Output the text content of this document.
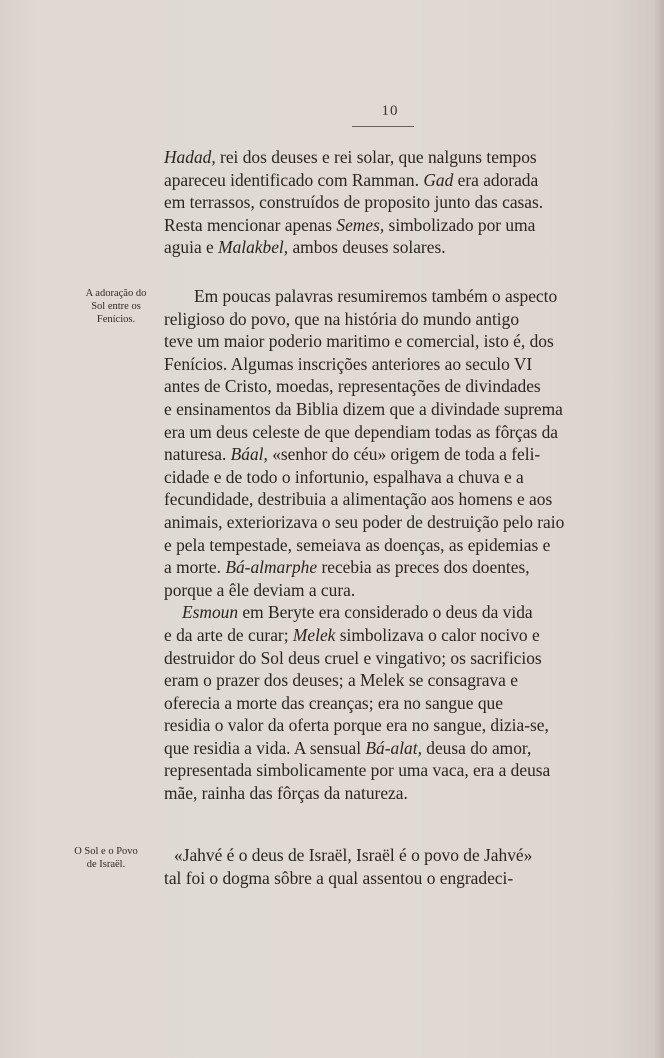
10
Hadad, rei dos deuses e rei solar, que nalguns tempos
apareceu identificado com Ramman. Gad era adorada
em terrassos, construídos de proposito junto das casas.
Resta mencionar apenas Semes, simbolizado por uma
aguia e Malakbel, ambos deuses solares.
A adoração do
Sol entre os
Fenícios.
Em poucas palavras resumiremos também o aspecto
religioso do povo, que na história do mundo antigo
teve um maior poderio maritimo e comercial, isto é, dos
Fenícios. Algumas inscrições anteriores ao seculo VI
antes de Cristo, moedas, representações de divindades
e ensinamentos da Biblia dizem que a divindade suprema
era um deus celeste de que dependiam todas as fôrças da
naturesa. Báal, «senhor do céu» origem de toda a feli-
cidade e de todo o infortunio, espalhava a chuva e a
fecundidade, destribuia a alimentação aos homens e aos
animais, exteriorizava o seu poder de destruição pelo raio
e pela tempestade, semeiava as doenças, as epidemias e
a morte. Bá-almarphe recebia as preces dos doentes,
porque a êle deviam a cura.
Esmoun em Beryte era considerado o deus da vida
e da arte de curar; Melek simbolizava o calor nocivo e
destruidor do Sol deus cruel e vingativo; os sacrificios
eram o prazer dos deuses; a Melek se consagrava e
oferecia a morte das creanças; era no sangue que
residia o valor da oferta porque era no sangue, dizia-se,
que residia a vida. A sensual Bá-alat, deusa do amor,
representada simbolicamente por uma vaca, era a deusa
mãe, rainha das fôrças da natureza.
O Sol e o Povo
de Israël.	«Jahvé é o deus de Israël, Israël é o povo de Jahvé»
tal foi o dogma sôbre a qual assentou o engradeci-
